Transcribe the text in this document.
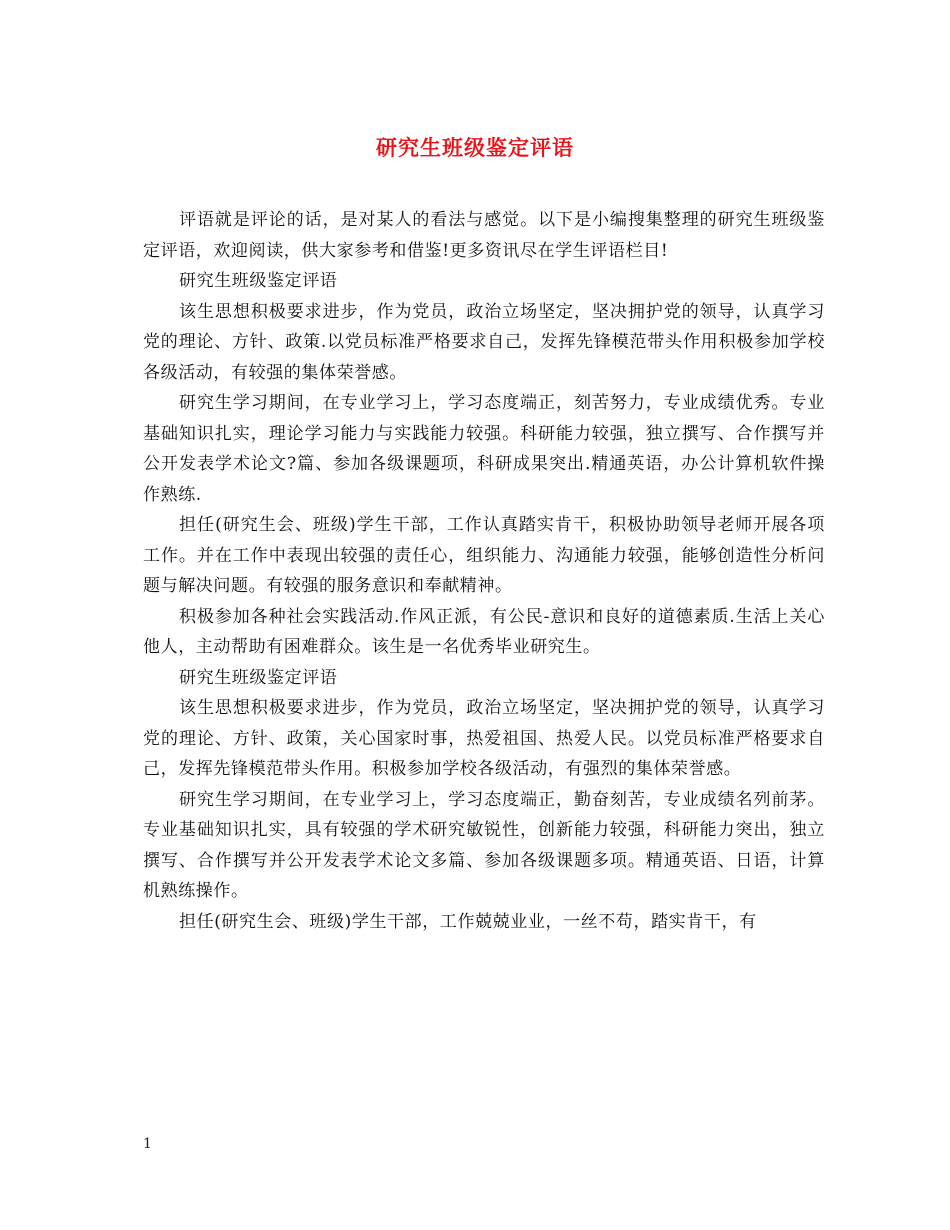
研究生班级鉴定评语

评语就是评论的话，是对某人的看法与感觉。以下是小编搜集整理的研究生班级鉴定评语，欢迎阅读，供大家参考和借鉴!更多资讯尽在学生评语栏目!

研究生班级鉴定评语

该生思想积极要求进步，作为党员，政治立场坚定，坚决拥护党的领导，认真学习党的理论、方针、政策.以党员标准严格要求自己，发挥先锋模范带头作用积极参加学校各级活动，有较强的集体荣誉感。

研究生学习期间，在专业学习上，学习态度端正，刻苦努力，专业成绩优秀。专业基础知识扎实，理论学习能力与实践能力较强。科研能力较强，独立撰写、合作撰写并公开发表学术论文?篇、参加各级课题项，科研成果突出.精通英语，办公计算机软件操作熟练.

担任(研究生会、班级)学生干部，工作认真踏实肯干，积极协助领导老师开展各项工作。并在工作中表现出较强的责任心，组织能力、沟通能力较强，能够创造性分析问题与解决问题。有较强的服务意识和奉献精神。

积极参加各种社会实践活动.作风正派，有公民-意识和良好的道德素质.生活上关心他人，主动帮助有困难群众。该生是一名优秀毕业研究生。

研究生班级鉴定评语

该生思想积极要求进步，作为党员，政治立场坚定，坚决拥护党的领导，认真学习党的理论、方针、政策，关心国家时事，热爱祖国、热爱人民。以党员标准严格要求自己，发挥先锋模范带头作用。积极参加学校各级活动，有强烈的集体荣誉感。

研究生学习期间，在专业学习上，学习态度端正，勤奋刻苦，专业成绩名列前茅。专业基础知识扎实，具有较强的学术研究敏锐性，创新能力较强，科研能力突出，独立撰写、合作撰写并公开发表学术论文多篇、参加各级课题多项。精通英语、日语，计算机熟练操作。

担任(研究生会、班级)学生干部，工作兢兢业业，一丝不苟，踏实肯干，有

1
